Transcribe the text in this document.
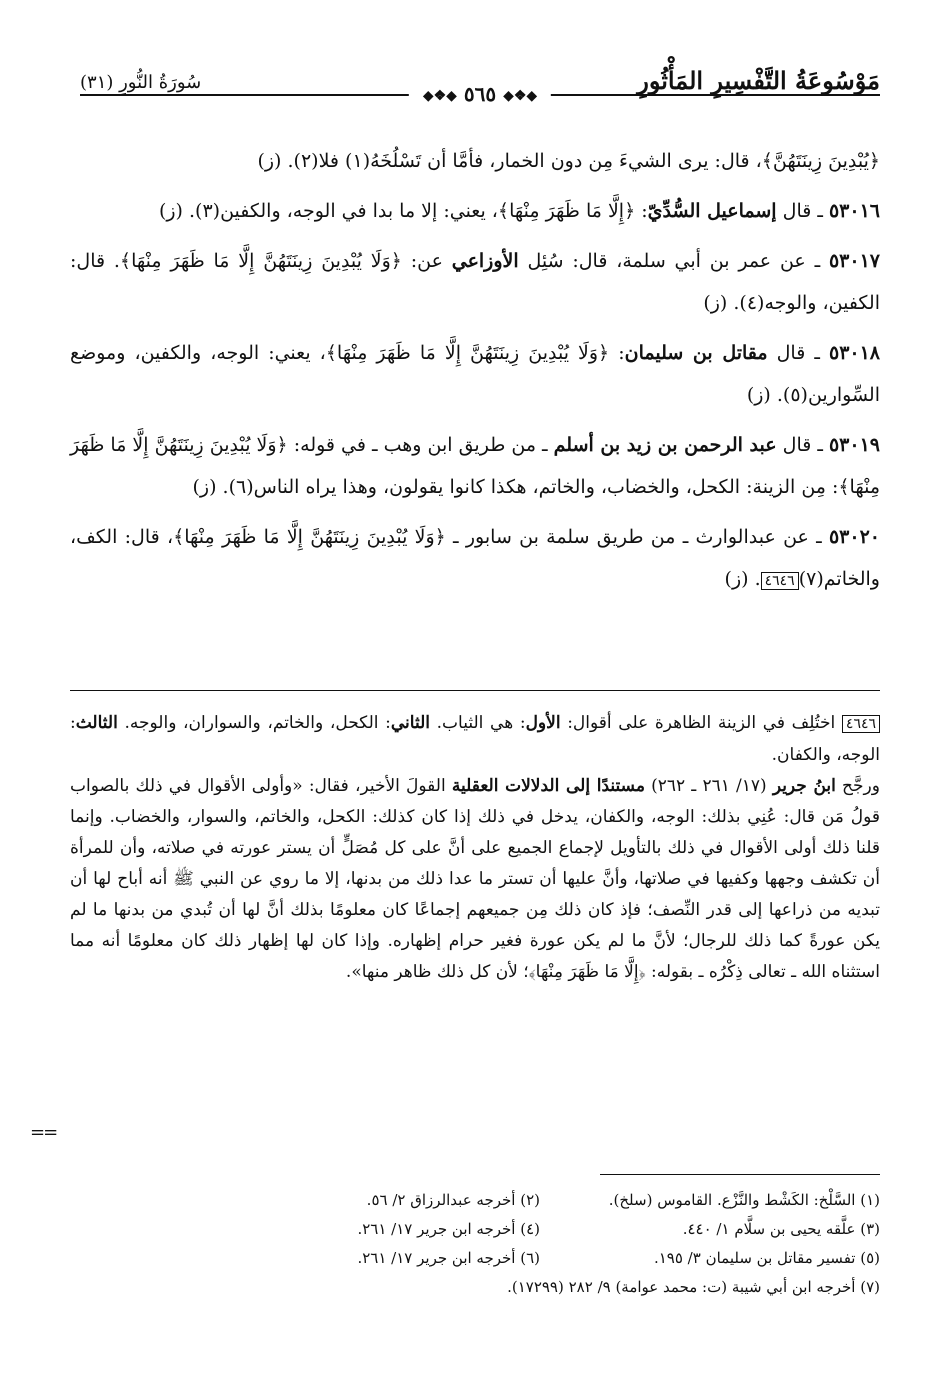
مَوْسُوعَةُ التَّفْسِيرِ المَأْثُورِ
سُورَةُ النُّورِ (٣١)
◆❖◆ ٥٦٥ ◆❖◆

﴿يُبْدِينَ زِينَتَهُنَّ﴾، قال: يرى الشيءَ مِن دون الخمار، فأمَّا أن تَسْلُخَهُ(١) فلا(٢). (ز)

٥٣٠١٦ ـ قال إسماعيل السُّدِّيّ: ﴿إِلَّا مَا ظَهَرَ مِنْهَا﴾، يعني: إلا ما بدا في الوجه، والكفين(٣). (ز)

٥٣٠١٧ ـ عن عمر بن أبي سلمة، قال: سُئِل الأوزاعي عن: ﴿وَلَا يُبْدِينَ زِينَتَهُنَّ إِلَّا مَا ظَهَرَ مِنْهَا﴾. قال: الكفين، والوجه(٤). (ز)

٥٣٠١٨ ـ قال مقاتل بن سليمان: ﴿وَلَا يُبْدِينَ زِينَتَهُنَّ إِلَّا مَا ظَهَرَ مِنْهَا﴾، يعني: الوجه، والكفين، وموضع السِّوارين(٥). (ز)

٥٣٠١٩ ـ قال عبد الرحمن بن زيد بن أسلم ـ من طريق ابن وهب ـ في قوله: ﴿وَلَا يُبْدِينَ زِينَتَهُنَّ إِلَّا مَا ظَهَرَ مِنْهَا﴾: مِن الزينة: الكحل، والخضاب، والخاتم، هكذا كانوا يقولون، وهذا يراه الناس(٦). (ز)

٥٣٠٢٠ ـ عن عبدالوارث ـ من طريق سلمة بن سابور ـ ﴿وَلَا يُبْدِينَ زِينَتَهُنَّ إِلَّا مَا ظَهَرَ مِنْهَا﴾، قال: الكف، والخاتم(٧)٤٦٤٦. (ز)

٤٦٤٦ اختُلِف في الزينة الظاهرة على أقوال: الأول: هي الثياب. الثاني: الكحل، والخاتم، والسواران، والوجه. الثالث: الوجه، والكفان.
ورجَّح ابنُ جرير (١٧/ ٢٦١ ـ ٢٦٢) مستندًا إلى الدلالات العقلية القولَ الأخير، فقال: «وأولى الأقوال في ذلك بالصواب قولُ مَن قال: عُنِي بذلك: الوجه، والكفان، يدخل في ذلك إذا كان كذلك: الكحل، والخاتم، والسوار، والخضاب. وإنما قلنا ذلك أولى الأقوال في ذلك بالتأويل لإجماع الجميع على أنَّ على كل مُصَلٍّ أن يستر عورته في صلاته، وأن للمرأة أن تكشف وجهها وكفيها في صلاتها، وأنَّ عليها أن تستر ما عدا ذلك من بدنها، إلا ما روي عن النبي ﷺ أنه أباح لها أن تبديه من ذراعها إلى قدر النِّصف؛ فإذ كان ذلك مِن جميعهم إجماعًا كان معلومًا بذلك أنَّ لها أن تُبدي من بدنها ما لم يكن عورةً كما ذلك للرجال؛ لأنَّ ما لم يكن عورة فغير حرام إظهاره. وإذا كان لها إظهار ذلك كان معلومًا أنه مما استثناه الله ـ تعالى ذِكْرُه ـ بقوله: ﴿إِلَّا مَا ظَهَرَ مِنْهَا﴾؛ لأن كل ذلك ظاهر منها».
==
(١) السَّلْخ: الكَشْط والنَّزْع. القاموس (سلخ).
(٢) أخرجه عبدالرزاق ٢/ ٥٦.
(٣) علَّقه يحيى بن سلَّام ١/ ٤٤٠.
(٤) أخرجه ابن جرير ١٧/ ٢٦١.
(٥) تفسير مقاتل بن سليمان ٣/ ١٩٥.
(٦) أخرجه ابن جرير ١٧/ ٢٦١.
(٧) أخرجه ابن أبي شيبة (ت: محمد عوامة) ٩/ ٢٨٢ (١٧٢٩٩).
